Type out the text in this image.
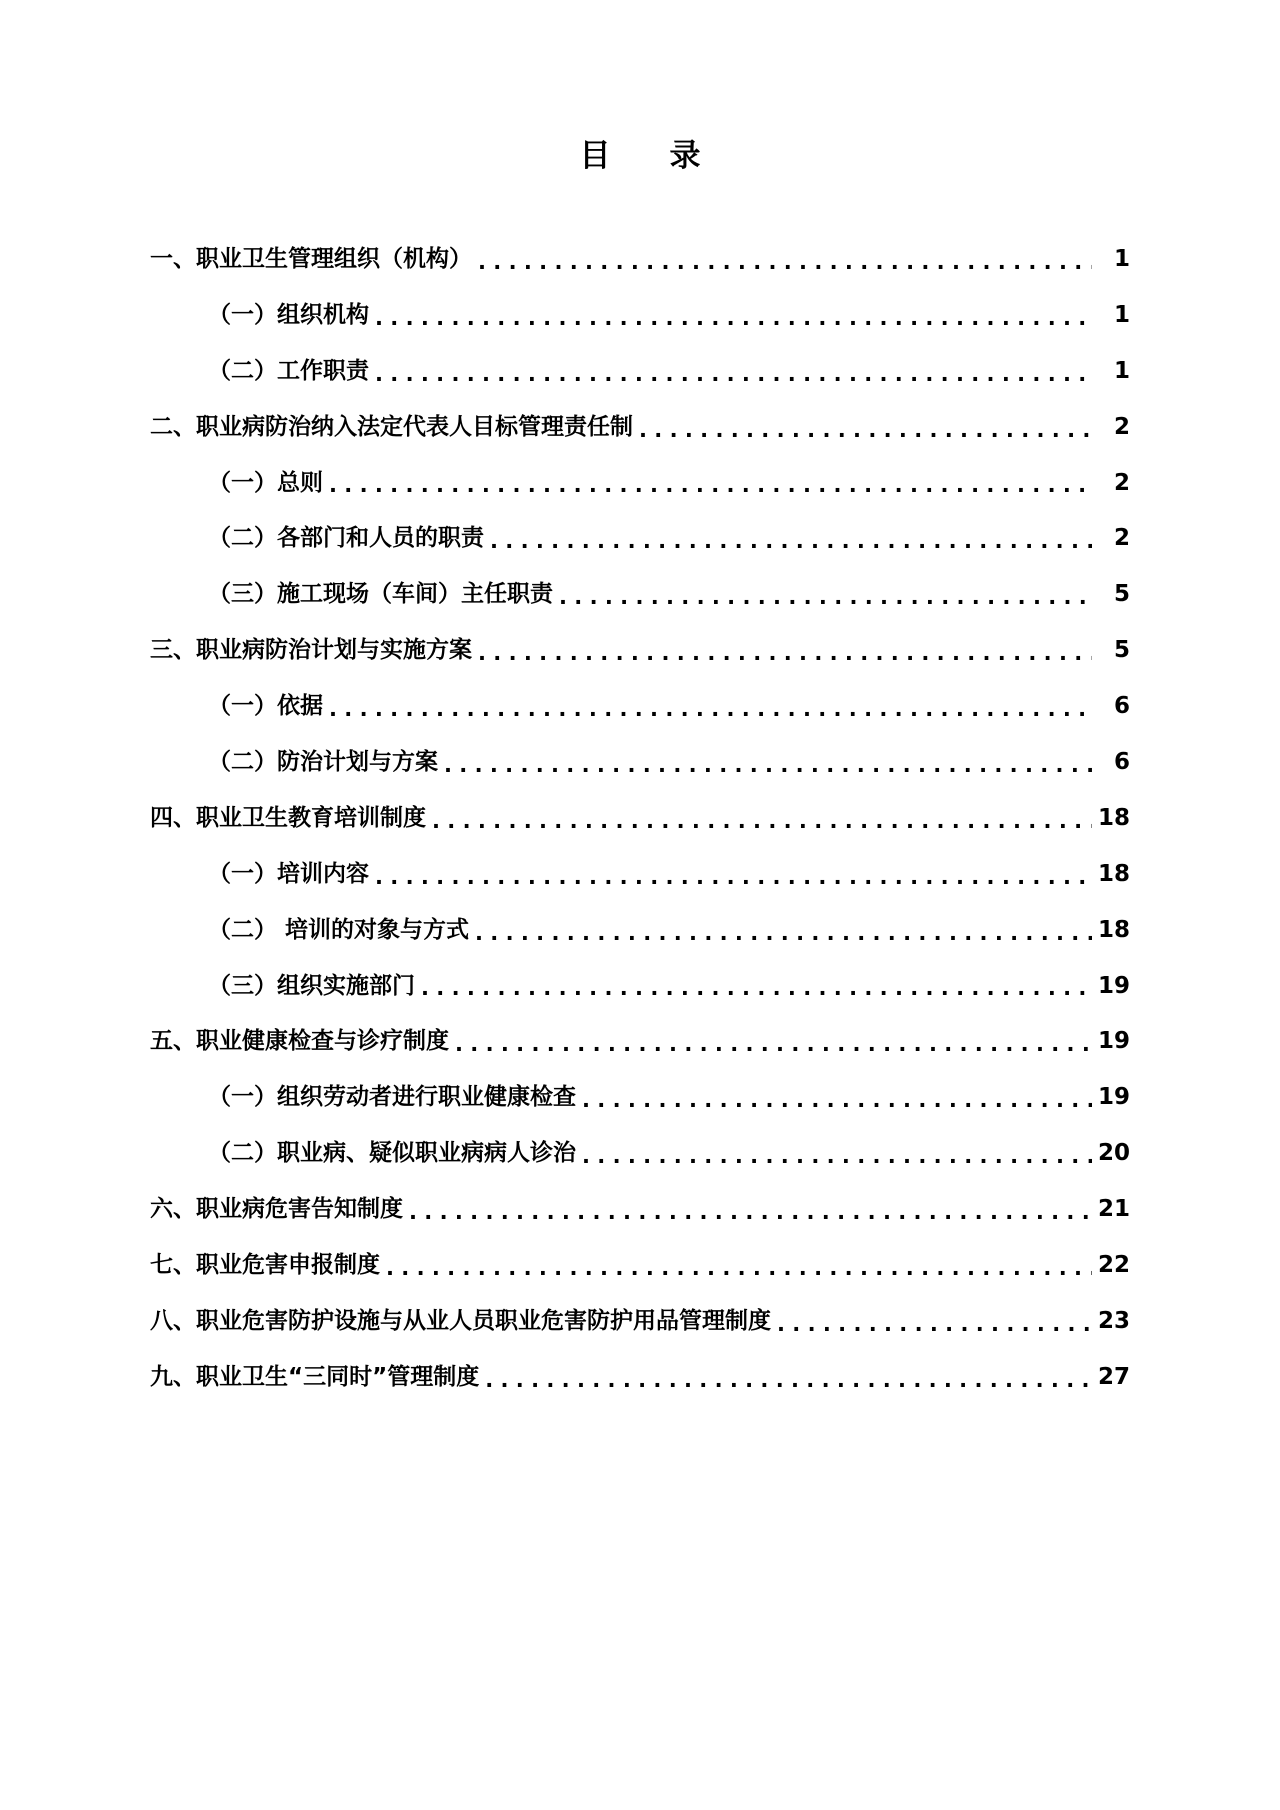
目　录
一、职业卫生管理组织（机构） . . .	1
（一）组织机构 . . .	1
（二）工作职责 . . .	1
二、职业病防治纳入法定代表人目标管理责任制 . . .	2
（一）总则 . . .	2
（二）各部门和人员的职责 . . .	2
（三）施工现场（车间）主任职责 . . .	5
三、职业病防治计划与实施方案 . . .	5
（一）依据 . . .	6
（二）防治计划与方案 . . .	6
四、职业卫生教育培训制度 . . .	18
（一）培训内容 . . .	18
（二） 培训的对象与方式 . . .	18
（三）组织实施部门 . . .	19
五、职业健康检查与诊疗制度 . . .	19
（一）组织劳动者进行职业健康检查 . . .	19
（二）职业病、疑似职业病病人诊治 . . .	20
六、职业病危害告知制度 . . .	21
七、职业危害申报制度 . . .	22
八、职业危害防护设施与从业人员职业危害防护用品管理制度 . . .	23
九、职业卫生“三同时”管理制度 . . .	27
